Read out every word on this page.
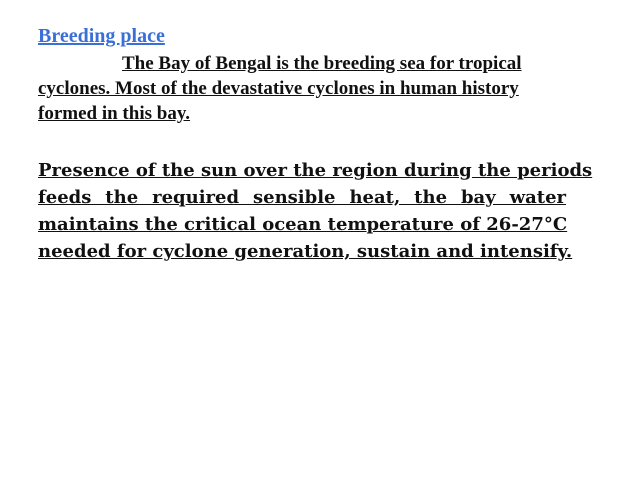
Breeding place
The Bay of Bengal is the breeding sea for tropical
cyclones. Most of the devastative cyclones in human history
formed in this bay.
Presence of the sun over the region during the periods
feeds the required sensible heat, the bay water
maintains the critical ocean temperature of 26-27°C
needed for cyclone generation, sustain and intensify.
